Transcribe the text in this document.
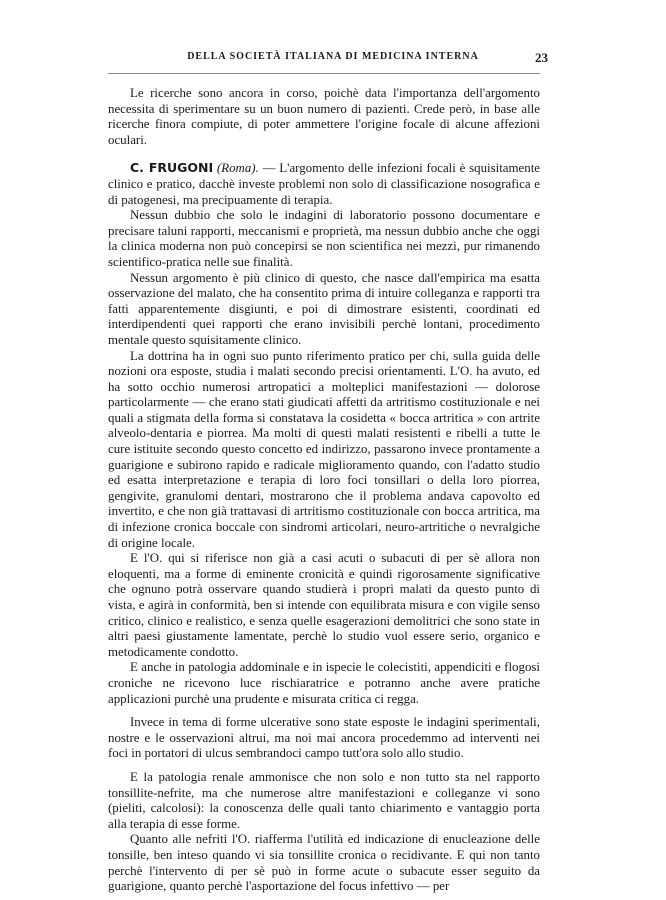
DELLA SOCIETÀ ITALIANA DI MEDICINA INTERNA	23

Le ricerche sono ancora in corso, poichè data l'importanza dell'argomento necessita di sperimentare su un buon numero di pazienti. Crede però, in base alle ricerche finora compiute, di poter ammettere l'origine focale di alcune affezioni oculari.

C. FRUGONI (Roma). — L'argomento delle infezioni focali è squisitamente clinico e pratico, dacchè investe problemi non solo di classificazione nosografica e di patogenesi, ma precipuamente di terapia.

Nessun dubbio che solo le indagini di laboratorio possono documentare e precisare taluni rapporti, meccanismi e proprietà, ma nessun dubbio anche che oggi la clinica moderna non può concepirsi se non scientifica nei mezzi, pur rimanendo scientifico-pratica nelle sue finalità.

Nessun argomento è più clinico di questo, che nasce dall'empirica ma esatta osservazione del malato, che ha consentito prima di intuire colleganza e rapporti tra fatti apparentemente disgiunti, e poi di dimostrare esistenti, coordinati ed interdipendenti quei rapporti che erano invisibili perchè lontani, procedimento mentale questo squisitamente clinico.

La dottrina ha in ogni suo punto riferimento pratico per chi, sulla guida delle nozioni ora esposte, studia i malati secondo precisi orientamenti. L'O. ha avuto, ed ha sotto occhio numerosi artropatici a molteplici manifestazioni — dolorose particolarmente — che erano stati giudicati affetti da artritismo costituzionale e nei quali a stigmata della forma si constatava la cosidetta « bocca artritica » con artrite alveolo-dentaria e piorrea. Ma molti di questi malati resistenti e ribelli a tutte le cure istituite secondo questo concetto ed indirizzo, passarono invece prontamente a guarigione e subirono rapido e radicale miglioramento quando, con l'adatto studio ed esatta interpretazione e terapia di loro foci tonsillari o della loro piorrea, gengivite, granulomi dentari, mostrarono che il problema andava capovolto ed invertito, e che non già trattavasi di artritismo costituzionale con bocca artritica, ma di infezione cronica boccale con sindromi articolari, neuro-artritiche o nevralgiche di origine locale.

E l'O. qui si riferisce non già a casi acuti o subacuti di per sè allora non eloquenti, ma a forme di eminente cronicità e quindi rigorosamente significative che ognuno potrà osservare quando studierà i propri malati da questo punto di vista, e agirà in conformità, ben si intende con equilibrata misura e con vigile senso critico, clinico e realistico, e senza quelle esagerazioni demolitrici che sono state in altri paesi giustamente lamentate, perchè lo studio vuol essere serio, organico e metodicamente condotto.

E anche in patologia addominale e in ispecie le colecistiti, appendiciti e flogosi croniche ne ricevono luce rischiaratrice e potranno anche avere pratiche applicazioni purchè una prudente e misurata critica ci regga.

Invece in tema di forme ulcerative sono state esposte le indagini sperimentali, nostre e le osservazioni altrui, ma noi mai ancora procedemmo ad interventi nei foci in portatori di ulcus sembrandoci campo tutt'ora solo allo studio.

E la patologia renale ammonisce che non solo e non tutto sta nel rapporto tonsillite-nefrite, ma che numerose altre manifestazioni e colleganze vi sono (pieliti, calcolosi): la conoscenza delle quali tanto chiarimento e vantaggio porta alla terapia di esse forme.

Quanto alle nefriti l'O. riafferma l'utilità ed indicazione di enucleazione delle tonsille, ben inteso quando vi sia tonsillite cronica o recidivante. E qui non tanto perchè l'intervento di per sè può in forme acute o subacute esser seguito da guarigione, quanto perchè l'asportazione del focus infettivo — per
